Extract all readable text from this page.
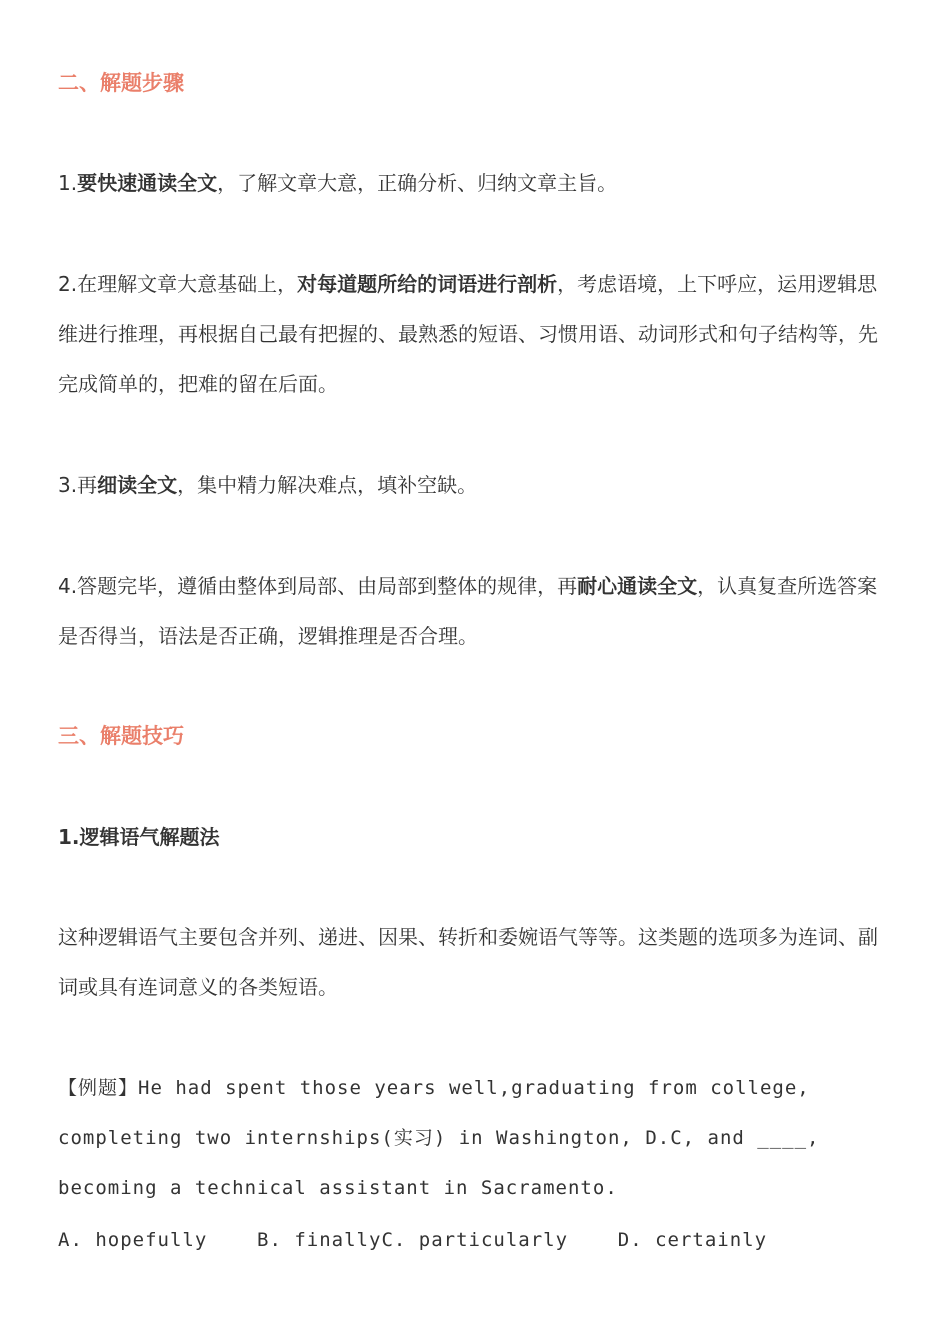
二、解题步骤

1.要快速通读全文，了解文章大意，正确分析、归纳文章主旨。

2.在理解文章大意基础上，对每道题所给的词语进行剖析，考虑语境，上下呼应，运用逻辑思维进行推理，再根据自己最有把握的、最熟悉的短语、习惯用语、动词形式和句子结构等，先完成简单的，把难的留在后面。

3.再细读全文，集中精力解决难点，填补空缺。

4.答题完毕，遵循由整体到局部、由局部到整体的规律，再耐心通读全文，认真复查所选答案是否得当，语法是否正确，逻辑推理是否合理。

三、解题技巧
1.逻辑语气解题法

这种逻辑语气主要包含并列、递进、因果、转折和委婉语气等等。这类题的选项多为连词、副词或具有连词意义的各类短语。

【例题】He had spent those years well,graduating from college, completing two internships(实习) in Washington, D.C, and ____, becoming a technical assistant in Sacramento.

A. hopefully	B. finallyC. particularly	D. certainly
